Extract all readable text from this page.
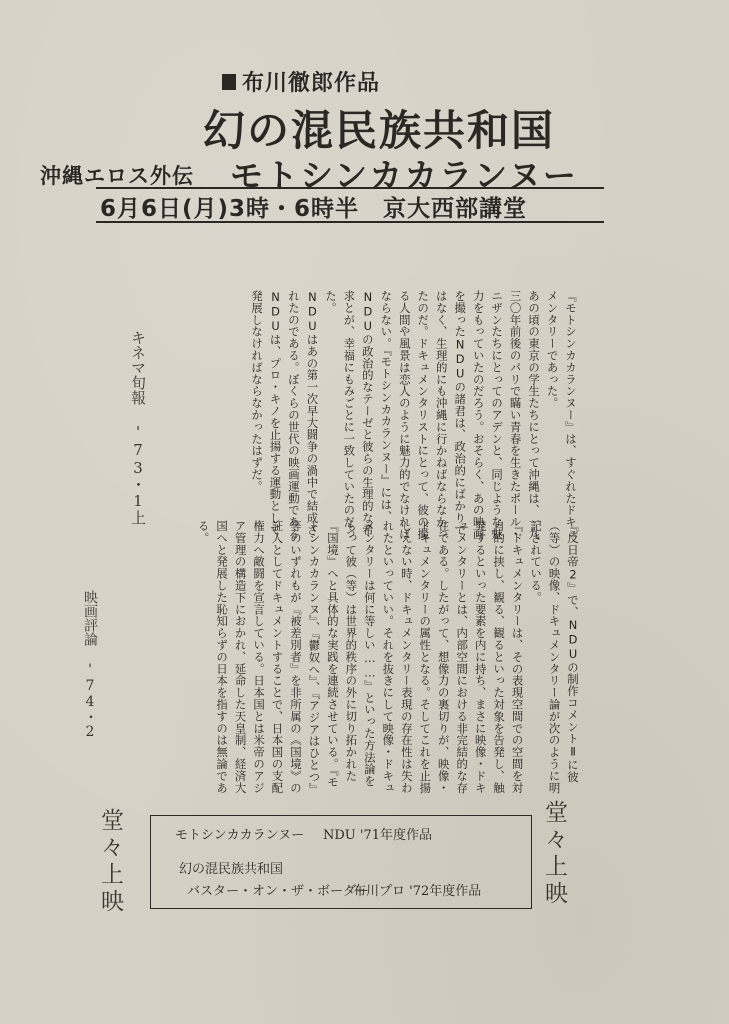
布川徹郎作品
幻の混民族共和国
沖縄エロス外伝 モトシンカカランヌー
6月6日(月)3時・6時半　京大西部講堂

『モトシンカカランヌー』は、すぐれたドキュメンタリーであった。

あの頃の東京の学生たちにとって沖縄は、一九三〇年前後のパリで瞞い青春を生きたポール・ニザンたちにとってのアデンと、同じような魅力をもっていたのだろう。おそらく、あの映画を撮ったNDUの諸君は、政治的にばかりではなく、生理的にも沖縄に行かねばならなかったのだ。ドキュメンタリストにとって、彼の撮る人間や風景は恋人のように魅力的でなければならない。『モトシンカカランヌー』には、NDUの政治的なテーゼと彼らの生理的な希求とが、幸福にもみごとに一致していたのだった。

NDUはあの第一次早大闘争の渦中で結成されたのである。ぼくらの世代の映画運動であるNDUは、プロ・キノを止揚する運動として発展しなければならなかったはずだ。

キネマ旬報 '73・1上

『反日帝2』で、NDUの制作コメントⅡに彼（等）の映像、ドキュメンタリー論が次のように明記されている。

『ドキュメンタリーは、その表現空間での空間を対自的に挟し、観る、観るといった対象を告発し、触発するといった要素を内に持ち、まさに映像・ドキュメンタリーとは、内部空間における非完結的な存在である。したがって、想像力の裏切りが、映像・ドキュメンタリーの属性となる。そしてこれを止揚しえない時、ドキュメンタリー表現の存在性は失われたといっていい。それを抜きにして映像・ドキュメンタリーは何に等しい……』といった方法論をもって彼（等）は世界的秩序の外に切り拓かれた『国境』へと具体的な実践を連続させている。『モトシンカカランヌ』、『鬱奴へ』、『アジアはひとつ』等のいずれもが『被差別者』を非所属の《国境》の証人としてドキュメントすることで、日本国の支配権力へ敵闘を宣言している。日本国とは米帝のアジア管理の構造下におかれ、延命した天皇制、経済大国へと発展した恥知らずの日本を指すのは無論である。

映画評論 '74・2
堂々上映	堂々上映
モトシンカカランヌー NDU '71年度作品
幻の混民族共和国
バスター・オン・ザ・ボーダー
布川プロ '72年度作品
